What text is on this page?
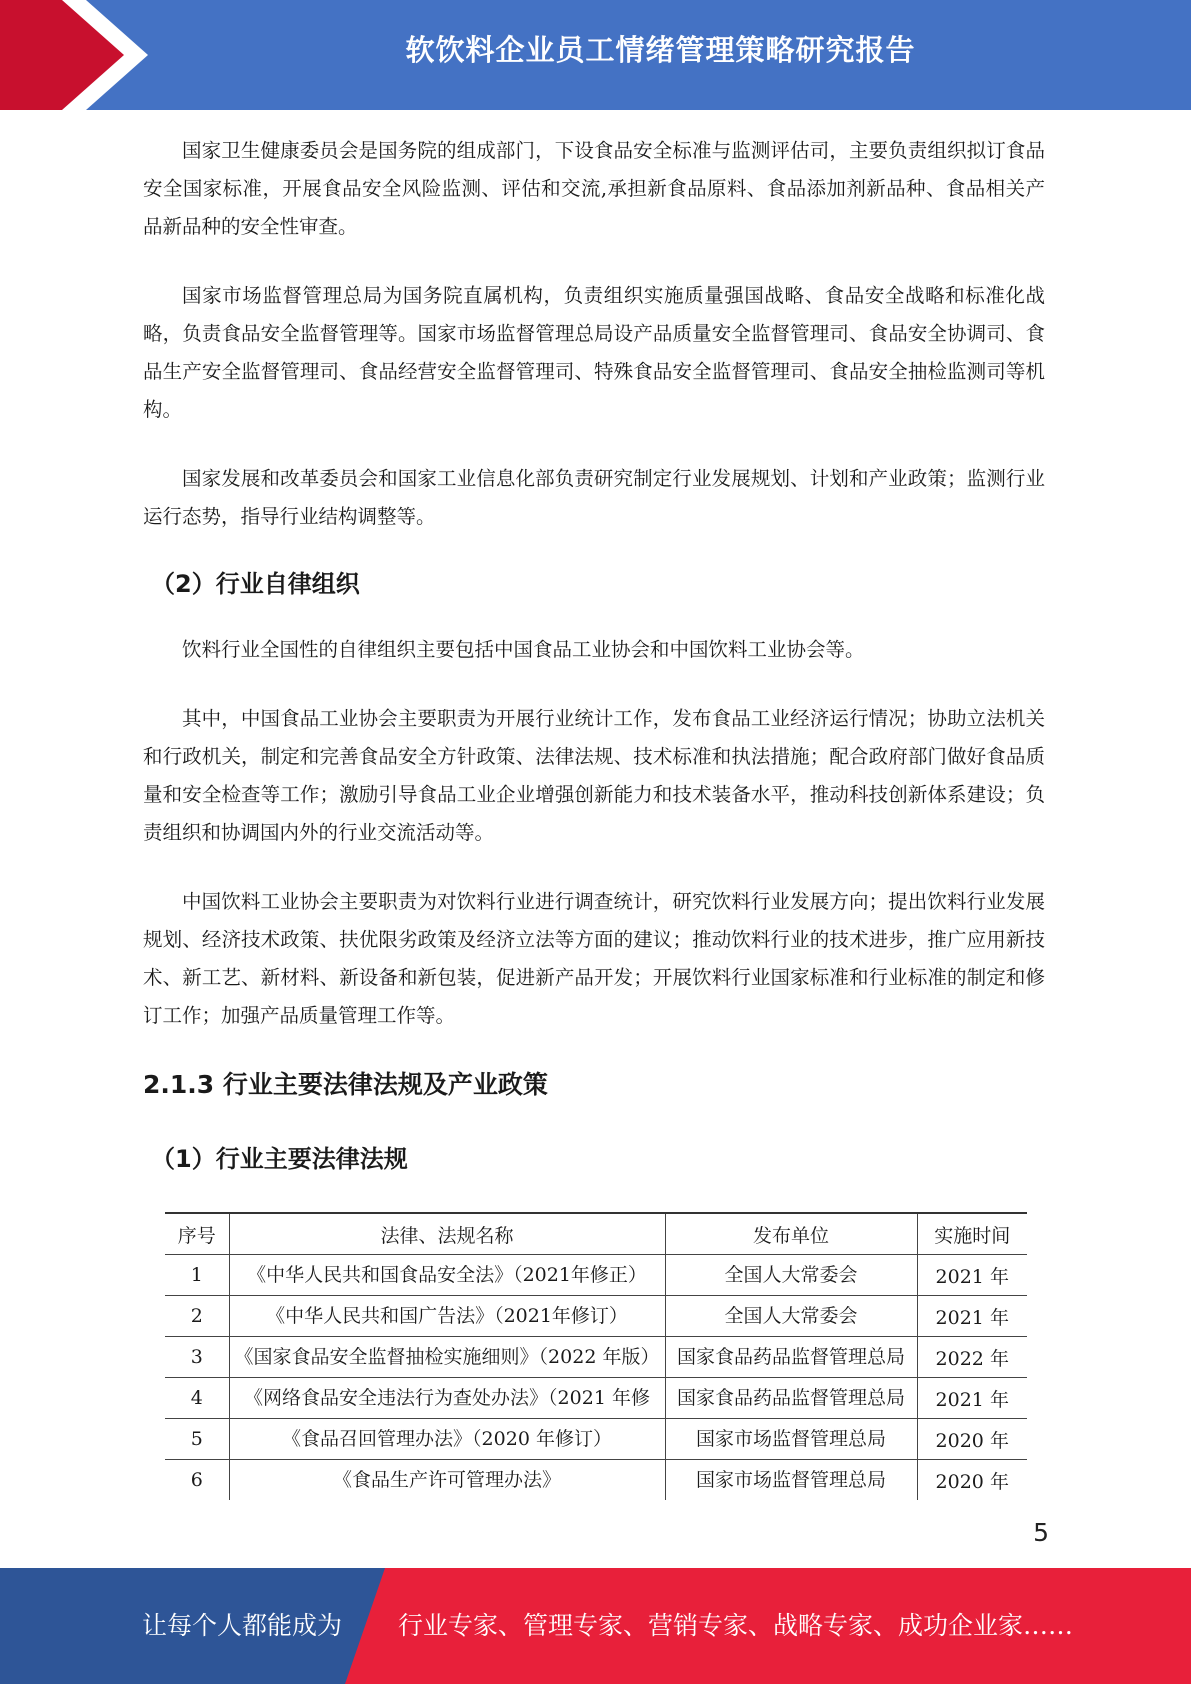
软饮料企业员工情绪管理策略研究报告

国家卫生健康委员会是国务院的组成部门，下设食品安全标准与监测评估司，主要负责组织拟订食品安全国家标准，开展食品安全风险监测、评估和交流,承担新食品原料、食品添加剂新品种、食品相关产品新品种的安全性审查。

国家市场监督管理总局为国务院直属机构，负责组织实施质量强国战略、食品安全战略和标准化战略，负责食品安全监督管理等。国家市场监督管理总局设产品质量安全监督管理司、食品安全协调司、食品生产安全监督管理司、食品经营安全监督管理司、特殊食品安全监督管理司、食品安全抽检监测司等机构。

国家发展和改革委员会和国家工业信息化部负责研究制定行业发展规划、计划和产业政策；监测行业运行态势，指导行业结构调整等。

（2）行业自律组织

饮料行业全国性的自律组织主要包括中国食品工业协会和中国饮料工业协会等。

其中，中国食品工业协会主要职责为开展行业统计工作，发布食品工业经济运行情况；协助立法机关和行政机关，制定和完善食品安全方针政策、法律法规、技术标准和执法措施；配合政府部门做好食品质量和安全检查等工作；激励引导食品工业企业增强创新能力和技术装备水平，推动科技创新体系建设；负责组织和协调国内外的行业交流活动等。

中国饮料工业协会主要职责为对饮料行业进行调查统计，研究饮料行业发展方向；提出饮料行业发展规划、经济技术政策、扶优限劣政策及经济立法等方面的建议；推动饮料行业的技术进步，推广应用新技术、新工艺、新材料、新设备和新包装，促进新产品开发；开展饮料行业国家标准和行业标准的制定和修订工作；加强产品质量管理工作等。

2.1.3 行业主要法律法规及产业政策
（1）行业主要法律法规
序号	法律、法规名称	发布单位	实施时间
1	《中华人民共和国食品安全法》（2021年修正）	全国人大常委会	2021 年
2	《中华人民共和国广告法》（2021年修订）	全国人大常委会	2021 年
3	《国家食品安全监督抽检实施细则》（2022 年版）	国家食品药品监督管理总局	2022 年
4	《网络食品安全违法行为查处办法》（2021 年修	国家食品药品监督管理总局	2021 年
5	《食品召回管理办法》（2020 年修订）	国家市场监督管理总局	2020 年
6	《食品生产许可管理办法》	国家市场监督管理总局	2020 年
5
让每个人都能成为 行业专家、管理专家、营销专家、战略专家、成功企业家……
